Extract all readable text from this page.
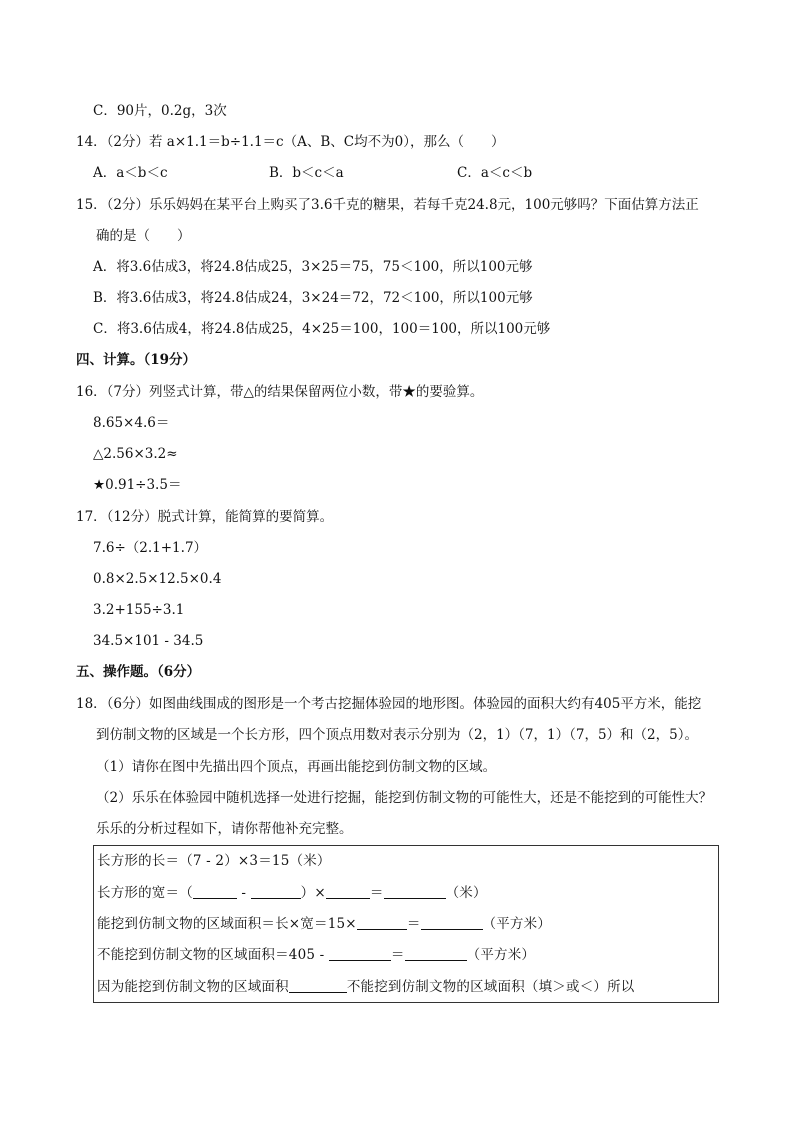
C．90片，0.2g，3次
14．（2分）若 a×1.1＝b÷1.1＝c（A、B、C均不为0），那么（　　）
A．a＜b＜c	B．b＜c＜a	C．a＜c＜b
15．（2分）乐乐妈妈在某平台上购买了3.6千克的糖果，若每千克24.8元，100元够吗？下面估算方法正
确的是（　　）
A．将3.6估成3，将24.8估成25，3×25＝75，75＜100，所以100元够
B．将3.6估成3，将24.8估成24，3×24＝72，72＜100，所以100元够
C．将3.6估成4，将24.8估成25，4×25＝100，100＝100，所以100元够
四、计算。（19分）
16．（7分）列竖式计算，带△的结果保留两位小数，带★的要验算。
8.65×4.6＝
△2.56×3.2≈
★0.91÷3.5＝
17．（12分）脱式计算，能简算的要简算。
7.6÷（2.1+1.7）
0.8×2.5×12.5×0.4
3.2+155÷3.1
34.5×101 - 34.5
五、操作题。（6分）
18．（6分）如图曲线围成的图形是一个考古挖掘体验园的地形图。体验园的面积大约有405平方米，能挖
到仿制文物的区域是一个长方形，四个顶点用数对表示分别为（2，1）（7，1）（7，5）和（2，5）。
（1）请你在图中先描出四个顶点，再画出能挖到仿制文物的区域。
（2）乐乐在体验园中随机选择一处进行挖掘，能挖到仿制文物的可能性大，还是不能挖到的可能性大？
乐乐的分析过程如下，请你帮他补充完整。
长方形的长＝（7 - 2）×3＝15（米）
长方形的宽＝（	-	）×	＝	（米）
能挖到仿制文物的区域面积＝长×宽＝15×	＝	（平方米）
不能挖到仿制文物的区域面积＝405 -	＝	（平方米）
因为能挖到仿制文物的区域面积	不能挖到仿制文物的区域面积（填＞或＜）所以
